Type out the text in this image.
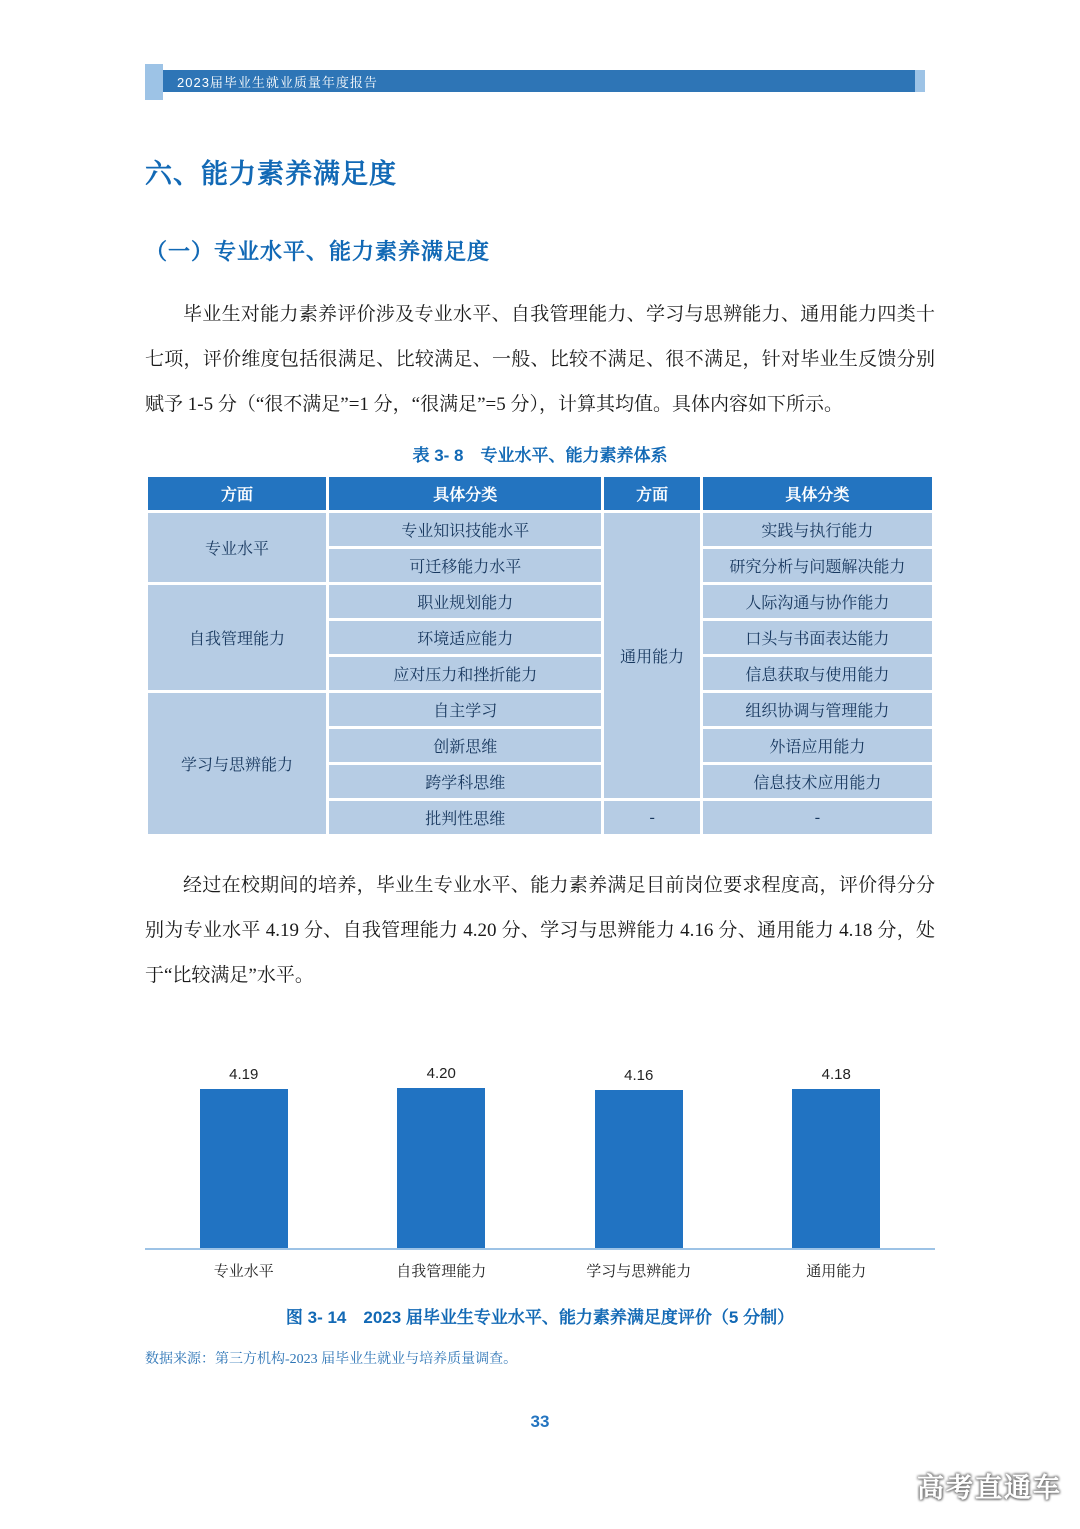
2023届毕业生就业质量年度报告
六、能力素养满足度
（一）专业水平、能力素养满足度

毕业生对能力素养评价涉及专业水平、自我管理能力、学习与思辨能力、通用能力四类十七项，评价维度包括很满足、比较满足、一般、比较不满足、很不满足，针对毕业生反馈分别赋予 1-5 分（“很不满足”=1 分，“很满足”=5 分），计算其均值。具体内容如下所示。

表 3- 8　专业水平、能力素养体系
方面	具体分类	方面	具体分类
专业水平	专业知识技能水平	通用能力	实践与执行能力
	可迁移能力水平		研究分析与问题解决能力
自我管理能力	职业规划能力		人际沟通与协作能力
	环境适应能力		口头与书面表达能力
	应对压力和挫折能力		信息获取与使用能力
学习与思辨能力	自主学习		组织协调与管理能力
	创新思维		外语应用能力
	跨学科思维		信息技术应用能力
	批判性思维	-	-

经过在校期间的培养，毕业生专业水平、能力素养满足目前岗位要求程度高，评价得分分别为专业水平 4.19 分、自我管理能力 4.20 分、学习与思辨能力 4.16 分、通用能力 4.18 分，处于“比较满足”水平。

4.19	4.20	4.16	4.18
专业水平	自我管理能力	学习与思辨能力	通用能力
图 3- 14　2023 届毕业生专业水平、能力素养满足度评价（5 分制）
数据来源：第三方机构-2023 届毕业生就业与培养质量调查。
33
高考直通车
